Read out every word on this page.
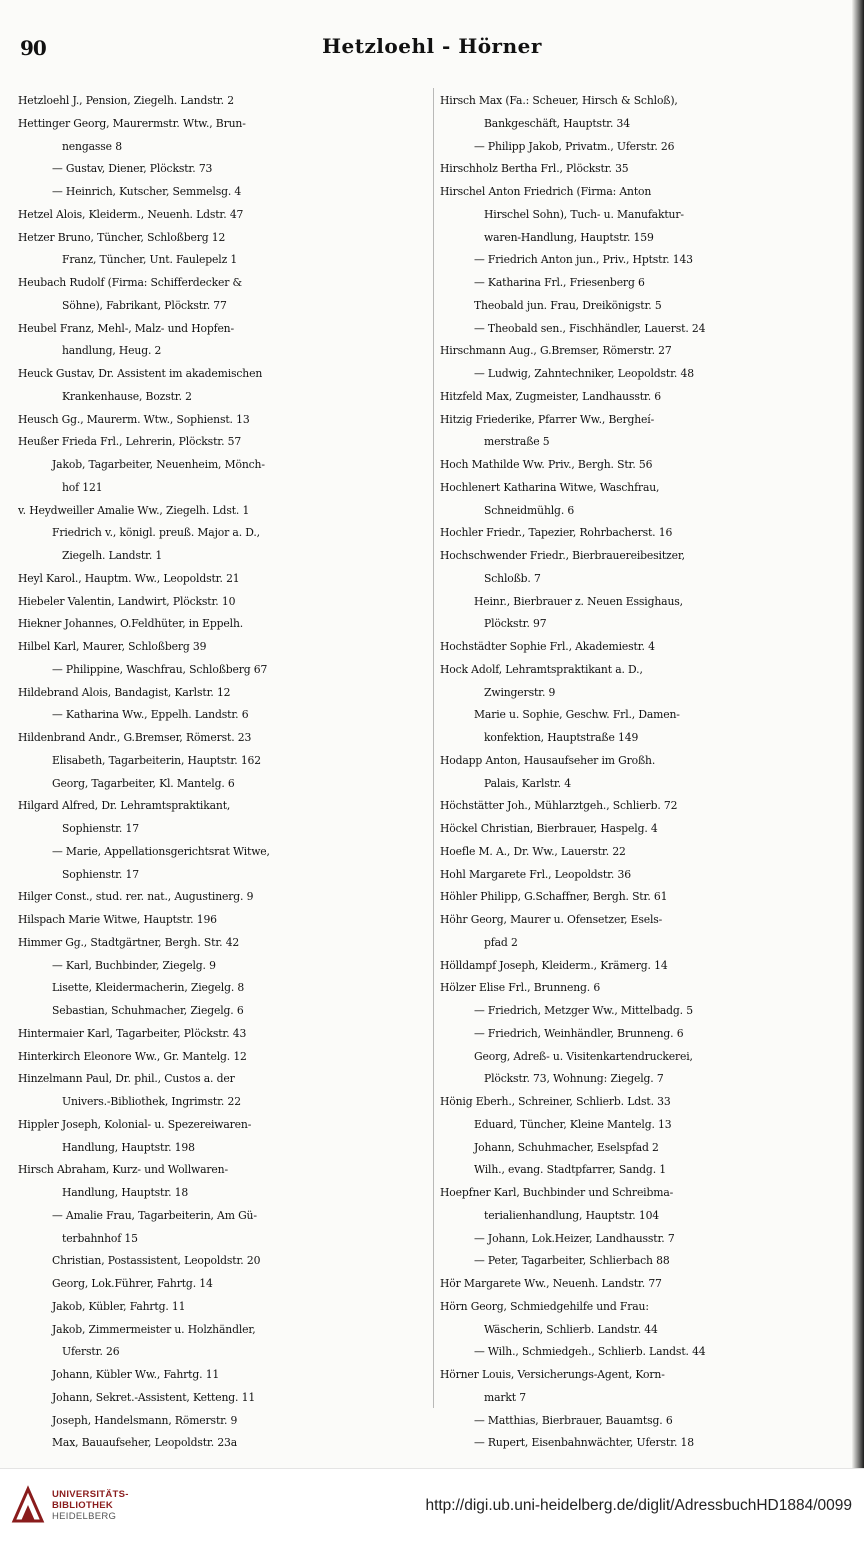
90	Hetzloehl - Hörner
Hetzloehl J., Pension, Ziegelh. Landstr. 2
Hettinger Georg, Maurermstr. Wtw., Brun-
nengasse 8
— Gustav, Diener, Plöckstr. 73
— Heinrich, Kutscher, Semmelsg. 4
Hetzel Alois, Kleiderm., Neuenh. Ldstr. 47
Hetzer Bruno, Tüncher, Schloßberg 12
Franz, Tüncher, Unt. Faulepelz 1
Heubach Rudolf (Firma: Schifferdecker &
Söhne), Fabrikant, Plöckstr. 77
Heubel Franz, Mehl-, Malz- und Hopfen-
handlung, Heug. 2
Heuck Gustav, Dr. Assistent im akademischen
Krankenhause, Bozstr. 2
Heusch Gg., Maurerm. Wtw., Sophienst. 13
Heußer Frieda Frl., Lehrerin, Plöckstr. 57
Jakob, Tagarbeiter, Neuenheim, Mönch-
hof 121
v. Heydweiller Amalie Ww., Ziegelh. Ldst. 1
Friedrich v., königl. preuß. Major a. D.,
Ziegelh. Landstr. 1
Heyl Karol., Hauptm. Ww., Leopoldstr. 21
Hiebeler Valentin, Landwirt, Plöckstr. 10
Hiekner Johannes, O.Feldhüter, in Eppelh.
Hilbel Karl, Maurer, Schloßberg 39
— Philippine, Waschfrau, Schloßberg 67
Hildebrand Alois, Bandagist, Karlstr. 12
— Katharina Ww., Eppelh. Landstr. 6
Hildenbrand Andr., G.Bremser, Römerst. 23
Elisabeth, Tagarbeiterin, Hauptstr. 162
Georg, Tagarbeiter, Kl. Mantelg. 6
Hilgard Alfred, Dr. Lehramtspraktikant,
Sophienstr. 17
— Marie, Appellationsgerichtsrat Witwe,
Sophienstr. 17
Hilger Const., stud. rer. nat., Augustinerg. 9
Hilspach Marie Witwe, Hauptstr. 196
Himmer Gg., Stadtgärtner, Bergh. Str. 42
— Karl, Buchbinder, Ziegelg. 9
Lisette, Kleidermacherin, Ziegelg. 8
Sebastian, Schuhmacher, Ziegelg. 6
Hintermaier Karl, Tagarbeiter, Plöckstr. 43
Hinterkirch Eleonore Ww., Gr. Mantelg. 12
Hinzelmann Paul, Dr. phil., Custos a. der
Univers.-Bibliothek, Ingrimstr. 22
Hippler Joseph, Kolonial- u. Spezereiwaren-
Handlung, Hauptstr. 198
Hirsch Abraham, Kurz- und Wollwaren-
Handlung, Hauptstr. 18
— Amalie Frau, Tagarbeiterin, Am Gü-
terbahnhof 15
Christian, Postassistent, Leopoldstr. 20
Georg, Lok.Führer, Fahrtg. 14
Jakob, Kübler, Fahrtg. 11
Jakob, Zimmermeister u. Holzhändler,
Uferstr. 26
Johann, Kübler Ww., Fahrtg. 11
Johann, Sekret.-Assistent, Ketteng. 11
Joseph, Handelsmann, Römerstr. 9
Max, Bauaufseher, Leopoldstr. 23a
Hirsch Max (Fa.: Scheuer, Hirsch & Schloß),
Bankgeschäft, Hauptstr. 34
— Philipp Jakob, Privatm., Uferstr. 26
Hirschholz Bertha Frl., Plöckstr. 35
Hirschel Anton Friedrich (Firma: Anton
Hirschel Sohn), Tuch- u. Manufaktur-
waren-Handlung, Hauptstr. 159
— Friedrich Anton jun., Priv., Hptstr. 143
— Katharina Frl., Friesenberg 6
Theobald jun. Frau, Dreikönigstr. 5
— Theobald sen., Fischhändler, Lauerst. 24
Hirschmann Aug., G.Bremser, Römerstr. 27
— Ludwig, Zahntechniker, Leopoldstr. 48
Hitzfeld Max, Zugmeister, Landhausstr. 6
Hitzig Friederike, Pfarrer Ww., Bergheí-
merstraße 5
Hoch Mathilde Ww. Priv., Bergh. Str. 56
Hochlenert Katharina Witwe, Waschfrau,
Schneidmühlg. 6
Hochler Friedr., Tapezier, Rohrbacherst. 16
Hochschwender Friedr., Bierbrauereibesitzer,
Schloßb. 7
Heinr., Bierbrauer z. Neuen Essighaus,
Plöckstr. 97
Hochstädter Sophie Frl., Akademiestr. 4
Hock Adolf, Lehramtspraktikant a. D.,
Zwingerstr. 9
Marie u. Sophie, Geschw. Frl., Damen-
konfektion, Hauptstraße 149
Hodapp Anton, Hausaufseher im Großh.
Palais, Karlstr. 4
Höchstätter Joh., Mühlarztgeh., Schlierb. 72
Höckel Christian, Bierbrauer, Haspelg. 4
Hoefle M. A., Dr. Ww., Lauerstr. 22
Hohl Margarete Frl., Leopoldstr. 36
Höhler Philipp, G.Schaffner, Bergh. Str. 61
Höhr Georg, Maurer u. Ofensetzer, Esels-
pfad 2
Hölldampf Joseph, Kleiderm., Krämerg. 14
Hölzer Elise Frl., Brunneng. 6
— Friedrich, Metzger Ww., Mittelbadg. 5
— Friedrich, Weinhändler, Brunneng. 6
Georg, Adreß- u. Visitenkartendruckerei,
Plöckstr. 73, Wohnung: Ziegelg. 7
Hönig Eberh., Schreiner, Schlierb. Ldst. 33
Eduard, Tüncher, Kleine Mantelg. 13
Johann, Schuhmacher, Eselspfad 2
Wilh., evang. Stadtpfarrer, Sandg. 1
Hoepfner Karl, Buchbinder und Schreibma-
terialienhandlung, Hauptstr. 104
— Johann, Lok.Heizer, Landhausstr. 7
— Peter, Tagarbeiter, Schlierbach 88
Hör Margarete Ww., Neuenh. Landstr. 77
Hörn Georg, Schmiedgehilfe und Frau:
Wäscherin, Schlierb. Landstr. 44
— Wilh., Schmiedgeh., Schlierb. Landst. 44
Hörner Louis, Versicherungs-Agent, Korn-
markt 7
— Matthias, Bierbrauer, Bauamtsg. 6
— Rupert, Eisenbahnwächter, Uferstr. 18
UNIVERSITÄTS-
BIBLIOTHEK
HEIDELBERG
http://digi.ub.uni-heidelberg.de/diglit/AdressbuchHD1884/0099
